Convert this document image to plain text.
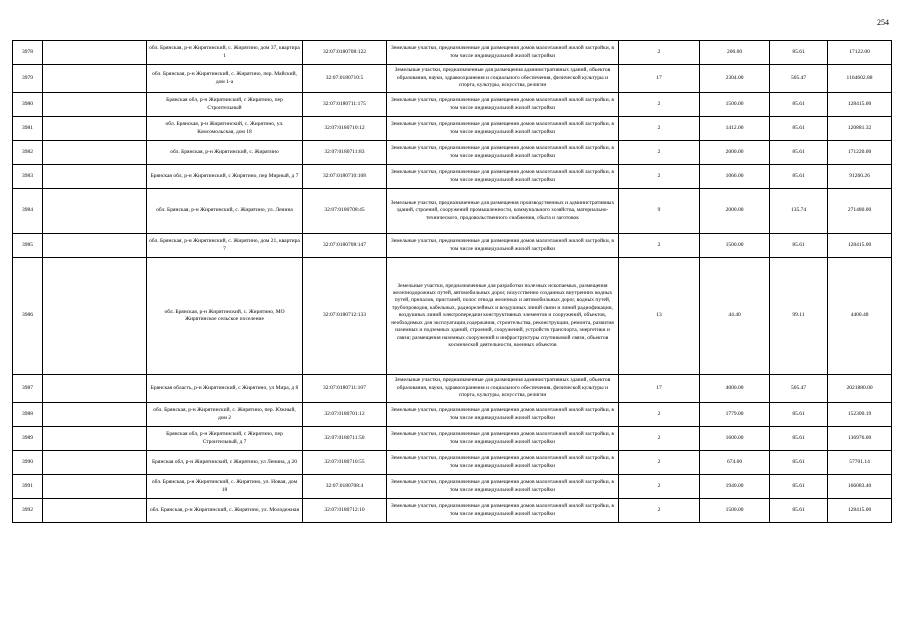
254
3978		обл. Брянская, р-н Жирятинский, с. Жирятино, дом 37, квартира 1	32:07:0180708:122	Земельные участки, предназначенные для размещения домов малоэтажной жилой застройки, в том числе индивидуальной жилой застройки	2	200.00	85.61	17122.00
3979		обл. Брянская, р-н Жирятинский, с. Жирятино, пер. Майский, дом 1-а	32:07:0180710:5	Земельные участки, предназначенные для размещения административных зданий, объектов образования, науки, здравоохранения и социального обеспечения, физической культуры и спорта, культуры, искусства, религии	17	2304.00	505.47	1164602.88
3980		Брянская обл, р-н Жирятинский, с Жирятино, пер Строительный	32:07:0180711:175	Земельные участки, предназначенные для размещения домов малоэтажной жилой застройки, в том числе индивидуальной жилой застройки	2	1500.00	85.61	128415.00
3981		обл. Брянская, р-н Жирятинский, с. Жирятино, ул. Комсомольская, дом 18	32:07:0180710:12	Земельные участки, предназначенные для размещения домов малоэтажной жилой застройки, в том числе индивидуальной жилой застройки	2	1412.00	85.61	120881.32
3982		обл. Брянская, р-н Жирятинский, с. Жирятино	32:07:0180711:83	Земельные участки, предназначенные для размещения домов малоэтажной жилой застройки, в том числе индивидуальной жилой застройки	2	2000.00	85.61	171220.00
3983		Брянская обл, р-н Жирятинский, с Жирятино, пер Мирный, д 7	32:07:0180710:108	Земельные участки, предназначенные для размещения домов малоэтажной жилой застройки, в том числе индивидуальной жилой застройки	2	1066.00	85.61	91260.26
3984		обл. Брянская, р-н Жирятинский, с. Жирятино, ул. Ленина	32:07:0180708:45	Земельные участки, предназначенные для размещения производственных и административных зданий, строений, сооружений промышленности, коммунального хозяйства, материально-технического, продовольственного снабжения, сбыта и заготовок	9	2000.00	135.74	271480.00
3985		обл. Брянская, р-н Жирятинский, с. Жирятино, дом 21, квартира 7	32:07:0180708:147	Земельные участки, предназначенные для размещения домов малоэтажной жилой застройки, в том числе индивидуальной жилой застройки	2	1500.00	85.61	128415.00
3986		обл. Брянская, р-н Жирятинский, с. Жирятино, МО Жирятинское сельское поселение	32:07:0180712:133	Земельные участки, предназначенные для разработки полезных ископаемых, размещения железнодорожных путей, автомобильных дорог, искусственно созданных внутренних водных путей, причалов, пристаней, полос отвода железных и автомобильных дорог, водных путей, трубопроводов, кабельных, радиорелейных и воздушных линий связи и линий радиофикации, воздушных линий электропередачи конструктивных элементов и сооружений, объектов, необходимых для эксплуатации,содержания, строительства, реконструкции, ремонта, развития наземных и подземных зданий, строений, сооружений, устройств транспорта, энергетики и связи; размещения наземных сооружений и инфраструктуры спутниковой связи, объектов космической деятельности, военных объектов	13	44.40	99.11	4400.48
3987		Брянская область, р-н Жирятинский, с Жирятино, ул Мира, д 8	32:07:0180711:107	Земельные участки, предназначенные для размещения административных зданий, объектов образования, науки, здравоохранения и социального обеспечения, физической культуры и спорта, культуры, искусства, религии	17	4000.00	505.47	2021880.00
3988		обл. Брянская, р-н Жирятинский, с. Жирятино, пер. Южный, дом 2	32:07:0180701:12	Земельные участки, предназначенные для размещения домов малоэтажной жилой застройки, в том числе индивидуальной жилой застройки	2	1779.00	85.61	152300.19
3989		Брянская обл, р-н Жирятинский, с Жирятино, пер Строительный, д 7	32:07:0180711:50	Земельные участки, предназначенные для размещения домов малоэтажной жилой застройки, в том числе индивидуальной жилой застройки	2	1600.00	85.61	136976.00
3990		Брянская обл, р-н Жирятинский, с Жирятино, ул Ленина, д 20	32:07:0180710:55	Земельные участки, предназначенные для размещения домов малоэтажной жилой застройки, в том числе индивидуальной жилой застройки	2	674.00	85.61	57701.14
3991		обл. Брянская, р-н Жирятинский, с. Жирятино, ул. Новая, дом 18	32:07:0180708:4	Земельные участки, предназначенные для размещения домов малоэтажной жилой застройки, в том числе индивидуальной жилой застройки	2	1940.00	85.61	166083.40
3992		обл. Брянская, р-н Жирятинский, с. Жирятино, ул. Молодежная	32:07:0180712:10	Земельные участки, предназначенные для размещения домов малоэтажной жилой застройки, в том числе индивидуальной жилой застройки	2	1500.00	85.61	128415.00
